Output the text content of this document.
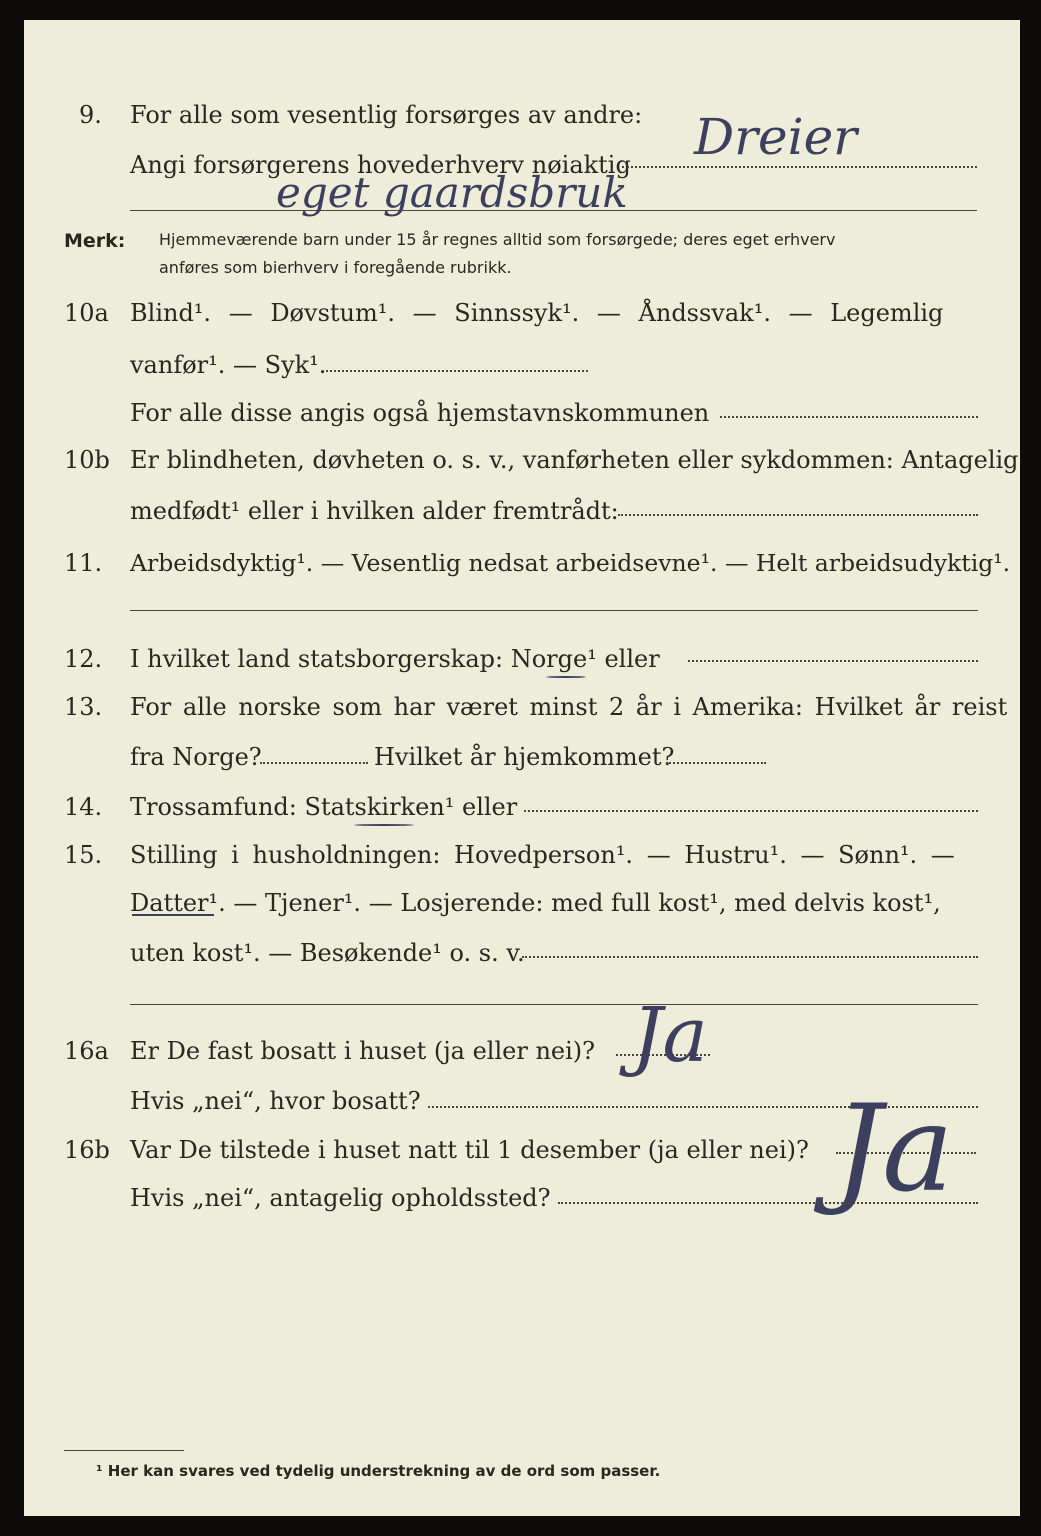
9. For alle som vesentlig forsørges av andre:
Angi forsørgerens hovederhverv nøiaktig Dreier
eget gaardsbruk
Merk: Hjemmeværende barn under 15 år regnes alltid som forsørgede; deres eget erhverv
anføres som bierhverv i foregående rubrikk.
10a Blind¹. — Døvstum¹. — Sinnssyk¹. — Åndssvak¹. — Legemlig
vanfør¹. — Syk¹.
For alle disse angis også hjemstavnskommunen
10b Er blindheten, døvheten o. s. v., vanførheten eller sykdommen: Antagelig
medfødt¹ eller i hvilken alder fremtrådt:
11. Arbeidsdyktig¹. — Vesentlig nedsat arbeidsevne¹. — Helt arbeidsudyktig¹.
12. I hvilket land statsborgerskap: Norge¹ eller
13. For alle norske som har været minst 2 år i Amerika: Hvilket år reist
fra Norge?	Hvilket år hjemkommet?
14. Trossamfund: Statskirken¹ eller
15. Stilling i husholdningen: Hovedperson¹. — Hustru¹. — Sønn¹. —
Datter¹. — Tjener¹. — Losjerende: med full kost¹, med delvis kost¹,
uten kost¹. — Besøkende¹ o. s. v.
16a Er De fast bosatt i huset (ja eller nei)? Ja
Hvis „nei“, hvor bosatt?
16b Var De tilstede i huset natt til 1 desember (ja eller nei)? Ja
Hvis „nei“, antagelig opholdssted?
¹ Her kan svares ved tydelig understrekning av de ord som passer.
